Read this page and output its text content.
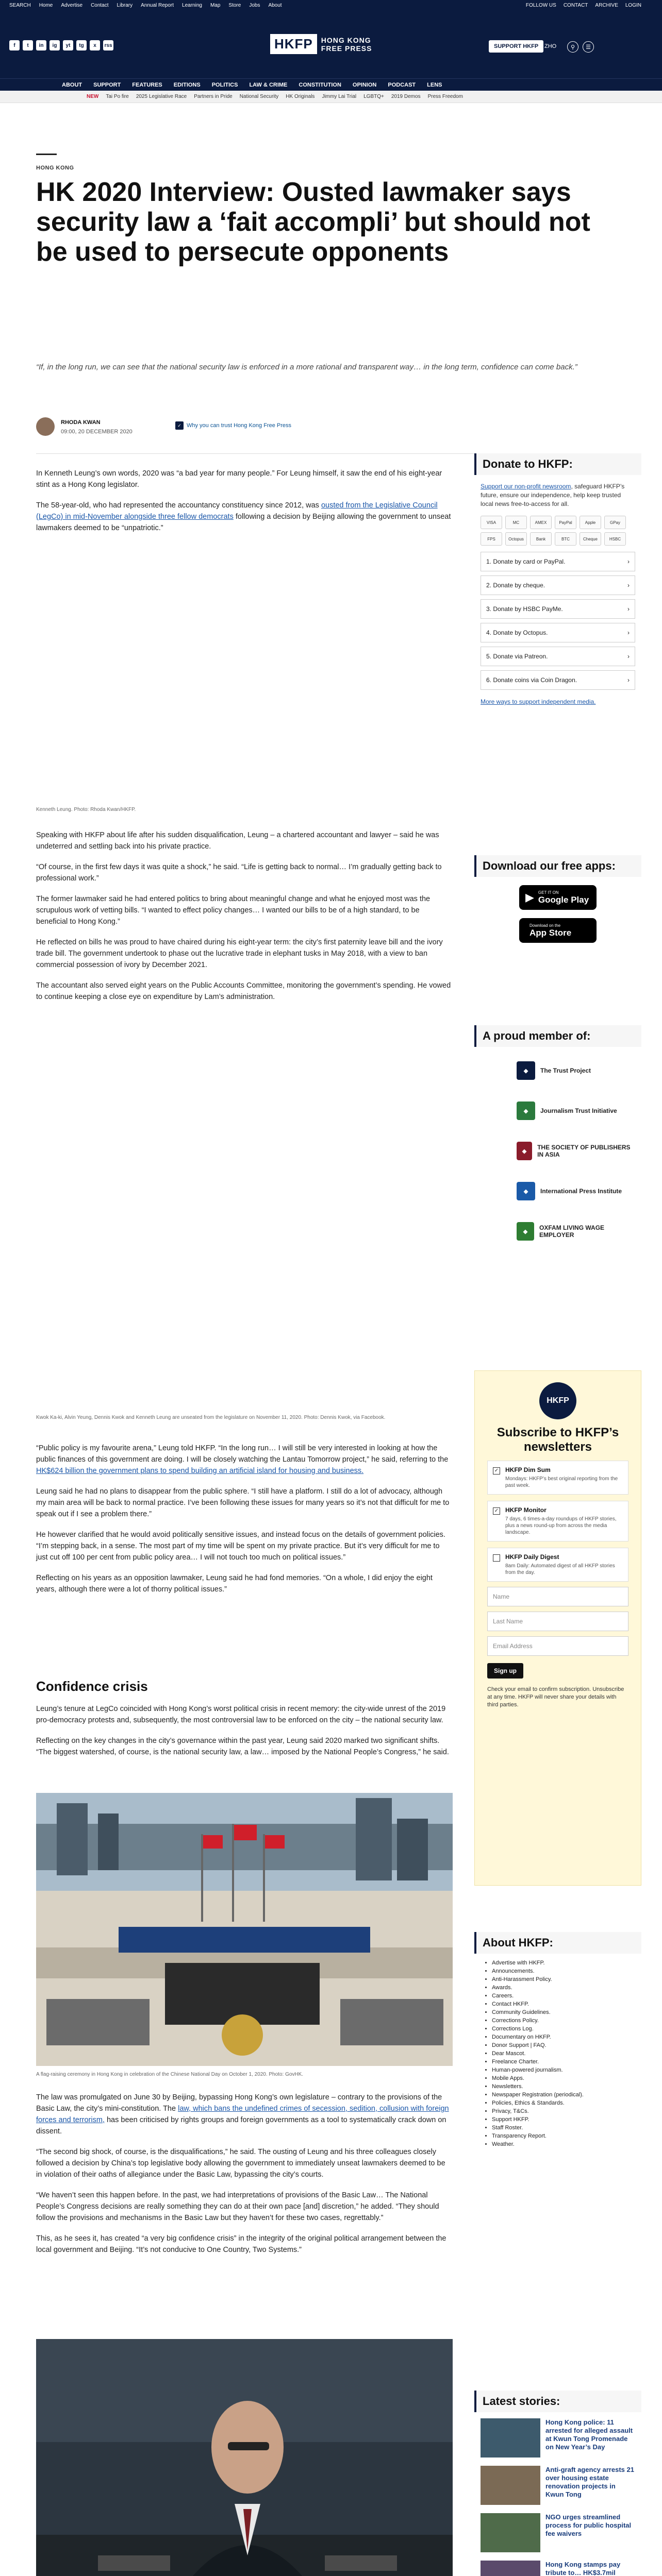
SEARCH Home Advertise Contact Library Annual Report Learning Map Store Jobs About	FOLLOW US CONTACT ARCHIVE LOGIN
f	t	in	ig	yt	tg	x	rss	HKFP	HONG KONG
FREE PRESS	SUPPORT HKFP	ZHO	⚲	☰
ABOUT SUPPORT FEATURES EDITIONS POLITICS LAW & CRIME CONSTITUTION OPINION PODCAST LENS
NEW Tai Po fire 2025 Legislative Race Partners in Pride National Security HK Originals Jimmy Lai Trial LGBTQ+ 2019 Demos Press Freedom
HONG KONG
HK 2020 Interview: Ousted lawmaker says security law a ‘fait accompli’ but should not be used to persecute opponents
“If, in the long run, we can see that the national security law is enforced in a more rational and transparent way… in the long term, confidence can come back.”
RHODA KWAN
09:00, 20 DECEMBER 2020
✓ Why you can trust Hong Kong Free Press

In Kenneth Leung’s own words, 2020 was “a bad year for many people.” For Leung himself, it saw the end of his eight-year stint as a Hong Kong legislator.

The 58-year-old, who had represented the accountancy constituency since 2012, was ousted from the Legislative Council (LegCo) in mid-November alongside three fellow democrats following a decision by Beijing allowing the government to unseat lawmakers deemed to be “unpatriotic.”

Kenneth Leung. Photo: Rhoda Kwan/HKFP.

Speaking with HKFP about life after his sudden disqualification, Leung – a chartered accountant and lawyer – said he was undeterred and settling back into his private practice.

“Of course, in the first few days it was quite a shock,” he said. “Life is getting back to normal… I’m gradually getting back to professional work.”

The former lawmaker said he had entered politics to bring about meaningful change and what he enjoyed most was the scrupulous work of vetting bills. “I wanted to effect policy changes… I wanted our bills to be of a high standard, to be beneficial to Hong Kong.”

He reflected on bills he was proud to have chaired during his eight-year term: the city’s first paternity leave bill and the ivory trade bill. The government undertook to phase out the lucrative trade in elephant tusks in May 2018, with a view to ban commercial possession of ivory by December 2021.

The accountant also served eight years on the Public Accounts Committee, monitoring the government’s spending. He vowed to continue keeping a close eye on expenditure by Lam’s administration.

Kwok Ka-ki, Alvin Yeung, Dennis Kwok and Kenneth Leung are unseated from the legislature on November 11, 2020. Photo: Dennis Kwok, via Facebook.

“Public policy is my favourite arena,” Leung told HKFP. “In the long run… I will still be very interested in looking at how the public finances of this government are doing. I will be closely watching the Lantau Tomorrow project,” he said, referring to the HK$624 billion the government plans to spend building an artificial island for housing and business.

Leung said he had no plans to disappear from the public sphere. “I still have a platform. I still do a lot of advocacy, although my main area will be back to normal practice. I’ve been following these issues for many years so it’s not that difficult for me to speak out if I see a problem there.”

He however clarified that he would avoid politically sensitive issues, and instead focus on the details of government policies. “I’m stepping back, in a sense. The most part of my time will be spent on my private practice. But it’s very difficult for me to just cut off 100 per cent from public policy area… I will not touch too much on political issues.”

Reflecting on his years as an opposition lawmaker, Leung said he had fond memories. “On a whole, I did enjoy the eight years, although there were a lot of thorny political issues.”

Confidence crisis

Leung’s tenure at LegCo coincided with Hong Kong’s worst political crisis in recent memory: the city-wide unrest of the 2019 pro-democracy protests and, subsequently, the most controversial law to be enforced on the city – the national security law.

Reflecting on the key changes in the city’s governance within the past year, Leung said 2020 marked two significant shifts. “The biggest watershed, of course, is the national security law, a law… imposed by the National People’s Congress,” he said.

A flag-raising ceremony in Hong Kong in celebration of the Chinese National Day on October 1, 2020. Photo: GovHK.

The law was promulgated on June 30 by Beijing, bypassing Hong Kong’s own legislature – contrary to the provisions of the Basic Law, the city’s mini-constitution. The law, which bans the undefined crimes of secession, sedition, collusion with foreign forces and terrorism, has been criticised by rights groups and foreign governments as a tool to systematically crack down on dissent.

“The second big shock, of course, is the disqualifications,” he said. The ousting of Leung and his three colleagues closely followed a decision by China’s top legislative body allowing the government to immediately unseat lawmakers deemed to be in violation of their oaths of allegiance under the Basic Law, bypassing the city’s courts.

“We haven’t seen this happen before. In the past, we had interpretations of provisions of the Basic Law… The National People’s Congress decisions are really something they can do at their own pace [and] discretion,” he added. “They should follow the provisions and mechanisms in the Basic Law but they haven’t for these two cases, regrettably.”

This, as he sees it, has created “a very big confidence crisis” in the integrity of the original political arrangement between the local government and Beijing. “It’s not conducive to One Country, Two Systems.”

Donate to HKFP:
Support our non-profit newsroom, safeguard HKFP’s future, ensure our independence, help keep trusted local news free-to-access for all.
VISA	MC	AMEX	PayPal	Apple	GPay
FPS	Octopus	Bank	BTC	Cheque	HSBC
1. Donate by card or PayPal.	›
2. Donate by cheque.	›
3. Donate by HSBC PayMe.	›
4. Donate by Octopus.	›
5. Donate via Patreon.	›
6. Donate coins via Coin Dragon.	›
More ways to support independent media.
Download our free apps:
▶ GET IT ON
Google Play
Download on the
App Store
A proud member of:
◆	The Trust Project
◆	Journalism Trust Initiative
◆
THE SOCIETY OF PUBLISHERS IN ASIA
◆	International Press Institute
◆
OXFAM LIVING WAGE EMPLOYER
HKFP
Subscribe to HKFP’s newsletters
✓ HKFP Dim Sum
Mondays: HKFP’s best original reporting from the past week.
✓ HKFP Monitor
7 days, 6 times-a-day roundups of HKFP stories, plus a news round-up from across the media landscape.
HKFP Daily Digest
8am Daily: Automated digest of all HKFP stories from the day.
Name
Last Name
Email Address
Sign up
Check your email to confirm subscription. Unsubscribe at any time. HKFP will never share your details with third parties.
About HKFP:
• Advertise with HKFP.
• Announcements.
• Anti-Harassment Policy.
• Awards.
• Careers.
• Contact HKFP.
• Community Guidelines.
• Corrections Policy.
• Corrections Log.
• Documentary on HKFP.
• Donor Support | FAQ.
• Dear Mascot.
• Freelance Charter.
• Human-powered journalism.
• Mobile Apps.
• Newsletters.
• Newspaper Registration (periodical).
• Policies, Ethics & Standards.
• Privacy, T&Cs.
• Support HKFP.
• Staff Roster.
• Transparency Report.
• Weather.
Latest stories:
Hong Kong police: 11 arrested for alleged assault at Kwun Tong Promenade on New Year’s Day
Anti-graft agency arrests 21 over housing estate renovation projects in Kwun Tong
NGO urges streamlined process for public hospital fee waivers
Hong Kong stamps pay tribute to… HK$3.7mil
